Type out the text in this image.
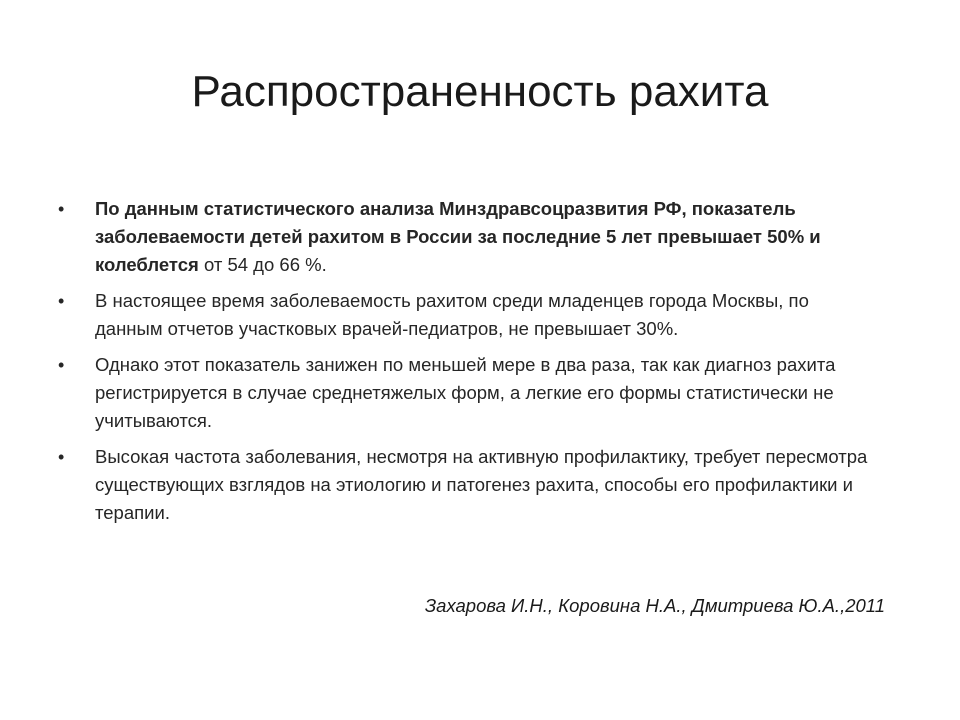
Распространенность рахита
• По данным статистического анализа Минздравсоцразвития РФ, показатель заболеваемости детей рахитом в России за последние 5 лет превышает 50% и колеблется от 54 до 66 %.
• В настоящее время заболеваемость рахитом среди младенцев города Москвы, по данным отчетов участковых врачей-педиатров, не превышает 30%.
• Однако этот показатель занижен по меньшей мере в два раза, так как диагноз рахита регистрируется в случае среднетяжелых форм, а легкие его формы статистически не учитываются.
• Высокая частота заболевания, несмотря на активную профилактику, требует пересмотра существующих взглядов на этиологию и патогенез рахита, способы его профилактики и терапии.
Захарова И.Н., Коровина Н.А., Дмитриева Ю.А.,2011
